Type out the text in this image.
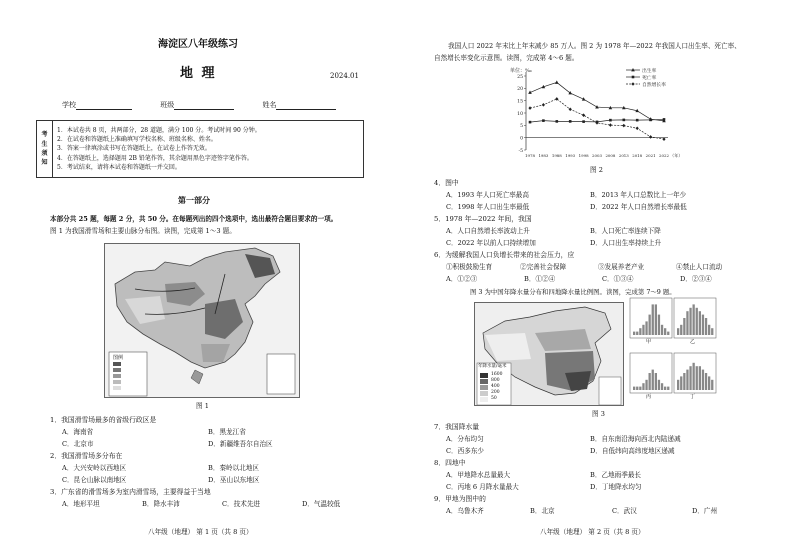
海淀区八年级练习
地 理	2024.01
学校	班级	姓名
考
生
须
知

1．本试卷共 8 页，共两部分，28 道题，满分 100 分。考试时间 90 分钟。
2．在试卷和答题纸上准确填写学校名称、班级名称、姓名。
3．答案一律填涂或书写在答题纸上，在试卷上作答无效。
4．在答题纸上，选择题用 2B 铅笔作答，其余题用黑色字迹签字笔作答。
5．考试结束，请将本试卷和答题纸一并交回。
第一部分
本部分共 25 题，每题 2 分，共 50 分。在每题列出的四个选项中，选出最符合题目要求的一项。
图 1 为我国滑雪场和主要山脉分布图。读图，完成第 1～3 题。
图例
图 1
1．我国滑雪场最多的省级行政区是
A．海南省	B．黑龙江省
C．北京市	D．新疆维吾尔自治区
2．我国滑雪场多分布在
A．大兴安岭以西地区	B．秦岭以北地区
C．昆仑山脉以南地区	D．巫山以东地区
3．广东省的滑雪场多为室内滑雪场，主要得益于当地
A．地形平坦	B．降水丰沛	C．技术先进	D．气温较低
八年级（地理） 第 1 页（共 8 页）
我国人口 2022 年末比上年末减少 85 万人。图 2 为 1978 年—2022 年我国人口出生率、死亡率、
自然增长率变化示意图。读图，完成第 4～6 题。
单位：‰
-5
0
5
10
15
20
25
1978 1983 1988 1993 1998 2003 2008 2013 2018 2021 2022 （年）
出生率
死亡率
自然增长率
图 2
4．图中
A．1993 年人口死亡率最高	B．2013 年人口总数比上一年少
C．1998 年人口出生率最低	D．2022 年人口自然增长率最低
5．1978 年—2022 年间，我国
A．人口自然增长率波动上升	B．人口死亡率连续下降
C．2022 年以前人口持续增加	D．人口出生率持续上升
6．为缓解我国人口负增长带来的社会压力，应
①积极鼓励生育	②完善社会保障	③发展养老产业	④禁止人口流动
A．①②③	B．①②④	C．①③④	D．②③④
图 3 为中国年降水量分布和四地降水量比例图。读图，完成第 7～9 题。
年降水量/毫米
1600
800
400
200
50
甲	乙
丙	丁
图 3
7．我国降水量
A．分布均匀	B．自东南沿海向西北内陆递减
C．西多东少	D．自低纬向高纬度地区递减
8．四地中
A．甲地降水总量最大	B．乙地雨季最长
C．丙地 6 月降水量最大	D．丁地降水均匀
9．甲地为图中的
A．乌鲁木齐	B．北京	C．武汉	D．广州
八年级（地理） 第 2 页（共 8 页）
